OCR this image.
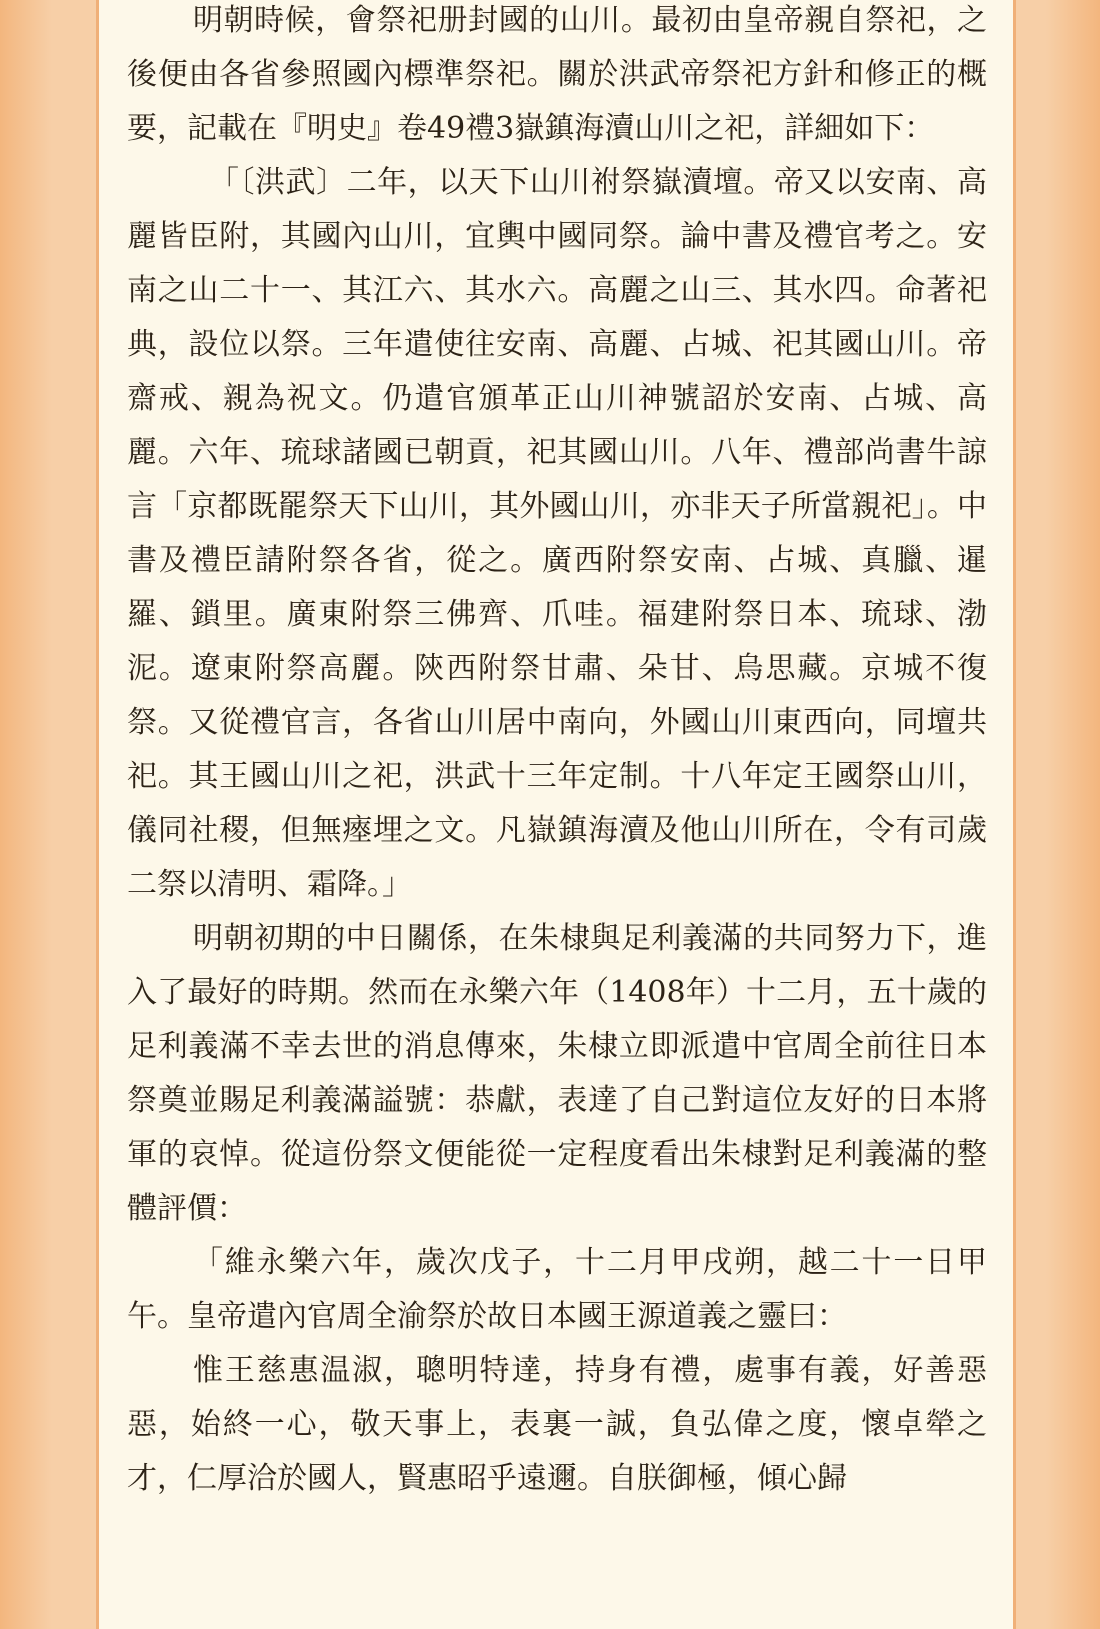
明朝時候，會祭祀册封國的山川。最初由皇帝親自祭祀，之後便由各省參照國內標準祭祀。關於洪武帝祭祀方針和修正的概要，記載在『明史』卷49禮3嶽鎮海瀆山川之祀，詳細如下：

「〔洪武〕二年，以天下山川祔祭嶽瀆壇。帝又以安南、高麗皆臣附，其國內山川，宜輿中國同祭。論中書及禮官考之。安南之山二十一、其江六、其水六。高麗之山三、其水四。命著祀典，設位以祭。三年遣使往安南、高麗、占城、祀其國山川。帝齋戒、親為祝文。仍遣官頒革正山川神號詔於安南、占城、高麗。六年、琉球諸國已朝貢，祀其國山川。八年、禮部尚書牛諒言「京都既罷祭天下山川，其外國山川，亦非天子所當親祀」。中書及禮臣請附祭各省，從之。廣西附祭安南、占城、真臘、暹羅、鎖里。廣東附祭三佛齊、爪哇。福建附祭日本、琉球、渤泥。遼東附祭高麗。陝西附祭甘肅、朵甘、烏思藏。京城不復祭。又從禮官言，各省山川居中南向，外國山川東西向，同壇共祀。其王國山川之祀，洪武十三年定制。十八年定王國祭山川，儀同社稷，但無瘞埋之文。凡嶽鎮海瀆及他山川所在，令有司歲二祭以清明、霜降。」

明朝初期的中日關係，在朱棣與足利義滿的共同努力下，進入了最好的時期。然而在永樂六年（1408年）十二月，五十歲的足利義滿不幸去世的消息傳來，朱棣立即派遣中官周全前往日本祭奠並賜足利義滿謚號：恭獻，表達了自己對這位友好的日本將軍的哀悼。從這份祭文便能從一定程度看出朱棣對足利義滿的整體評價：

「維永樂六年，歲次戊子，十二月甲戌朔，越二十一日甲午。皇帝遣內官周全渝祭於故日本國王源道義之靈曰：

惟王慈惠温淑，聰明特達，持身有禮，處事有義，好善惡惡，始終一心，敬天事上，表裏一誠，負弘偉之度，懷卓犖之才，仁厚洽於國人，賢惠昭乎遠邇。自朕御極，傾心歸
